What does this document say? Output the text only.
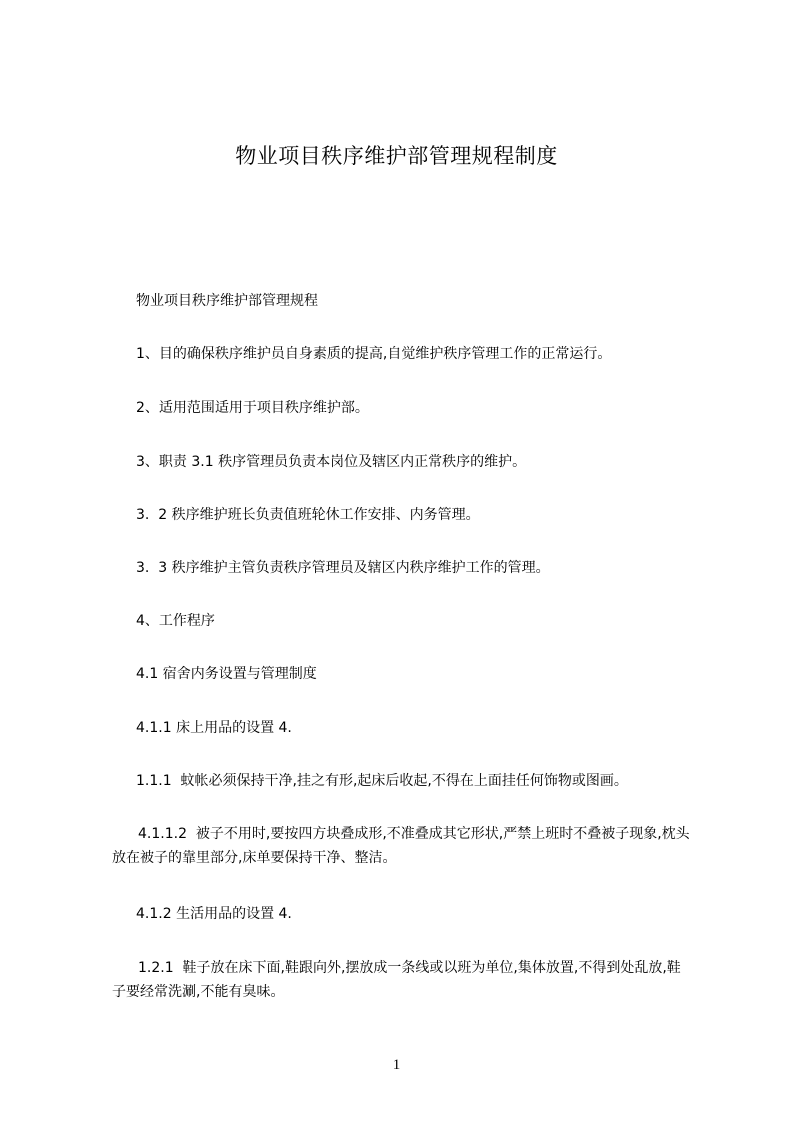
物业项目秩序维护部管理规程制度
物业项目秩序维护部管理规程
1、目的确保秩序维护员自身素质的提高,自觉维护秩序管理工作的正常运行。
2、适用范围适用于项目秩序维护部。
3、职责 3.1 秩序管理员负责本岗位及辖区内正常秩序的维护。
3.  2 秩序维护班长负责值班轮休工作安排、内务管理。
3.  3 秩序维护主管负责秩序管理员及辖区内秩序维护工作的管理。
4、工作程序
4.1 宿舍内务设置与管理制度
4.1.1 床上用品的设置 4.
1.1.1  蚊帐必须保持干净,挂之有形,起床后收起,不得在上面挂任何饰物或图画。
4.1.1.2  被子不用时,要按四方块叠成形,不准叠成其它形状,严禁上班时不叠被子现象,枕头放在被子的靠里部分,床单要保持干净、整洁。
4.1.2 生活用品的设置 4.
1.2.1  鞋子放在床下面,鞋跟向外,摆放成一条线或以班为单位,集体放置,不得到处乱放,鞋子要经常洗涮,不能有臭味。
1
